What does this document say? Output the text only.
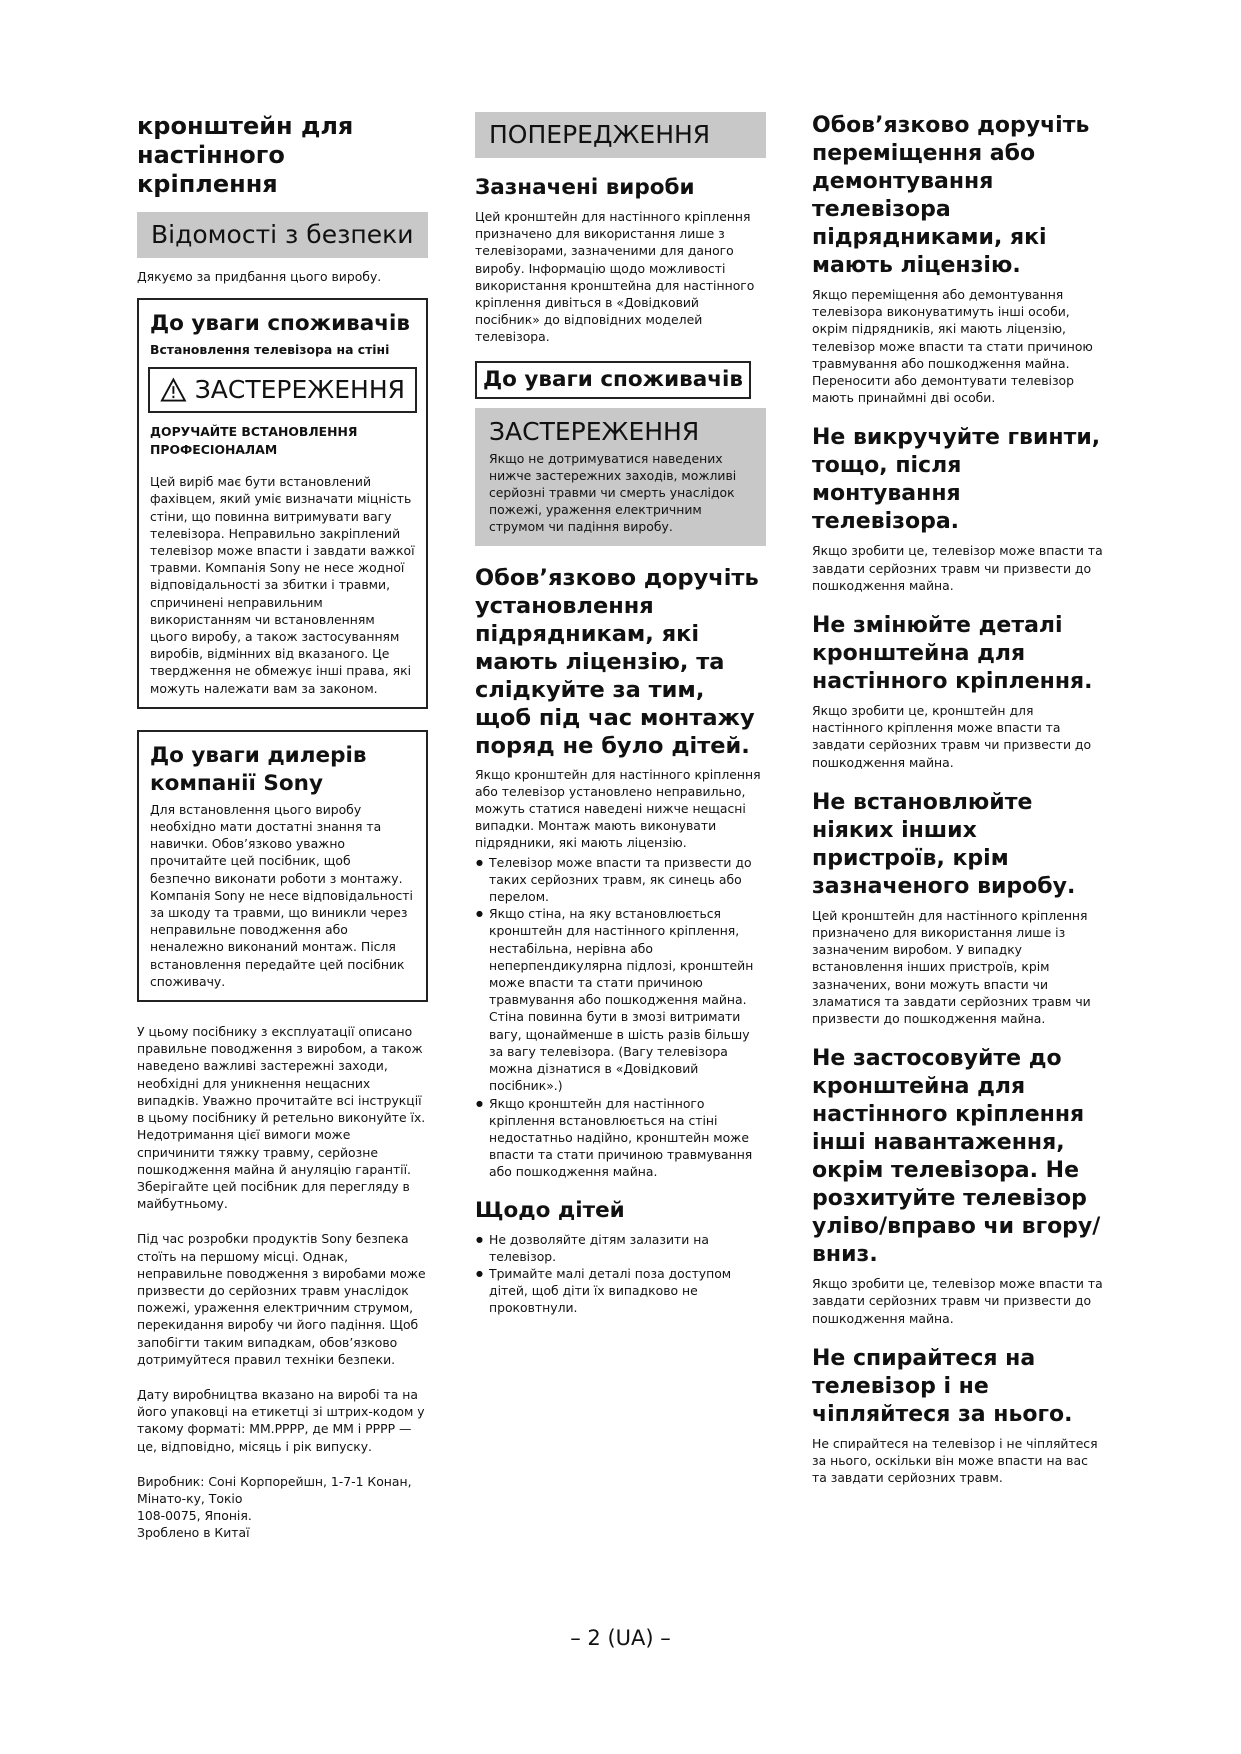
кронштейн для настінного кріплення
Відомості з безпеки

Дякуємо за придбання цього виробу.

До уваги споживачів
Встановлення телевізора на стіні
ЗАСТЕРЕЖЕННЯ
ДОРУЧАЙТЕ ВСТАНОВЛЕННЯ ПРОФЕСІОНАЛАМ

Цей виріб має бути встановлений фахівцем, який уміє визначати міцність стіни, що повинна витримувати вагу телевізора. Неправильно закріплений телевізор може впасти і завдати важкої травми. Компанія Sony не несе жодної відповідальності за збитки і травми, спричинені неправильним використанням чи встановленням цього виробу, а також застосуванням виробів, відмінних від вказаного. Це твердження не обмежує інші права, які можуть належати вам за законом.

До уваги дилерів компанії Sony

Для встановлення цього виробу необхідно мати достатні знання та навички. Обов’язково уважно прочитайте цей посібник, щоб безпечно виконати роботи з монтажу. Компанія Sony не несе відповідальності за шкоду та травми, що виникли через неправильне поводження або неналежно виконаний монтаж. Після встановлення передайте цей посібник споживачу.

У цьому посібнику з експлуатації описано правильне поводження з виробом, а також наведено важливі застережні заходи, необхідні для уникнення нещасних випадків. Уважно прочитайте всі інструкції в цьому посібнику й ретельно виконуйте їх. Недотримання цієї вимоги може спричинити тяжку травму, серйозне пошкодження майна й ануляцію гарантії. Зберігайте цей посібник для перегляду в майбутньому.

Під час розробки продуктів Sony безпека стоїть на першому місці. Однак, неправильне поводження з виробами може призвести до серйозних травм унаслідок пожежі, ураження електричним струмом, перекидання виробу чи його падіння. Щоб запобігти таким випадкам, обов’язково дотримуйтеся правил техніки безпеки.

Дату виробництва вказано на виробі та на його упаковці на етикетці зі штрих-кодом у такому форматі: ММ.РРРР, де ММ і РРРР — це, відповідно, місяць і рік випуску.

Виробник: Соні Корпорейшн, 1-7-1 Конан,
Мінато-ку, Токіо
108-0075, Японія.
Зроблено в Китаї

ПОПЕРЕДЖЕННЯ
Зазначені вироби

Цей кронштейн для настінного кріплення призначено для використання лише з телевізорами, зазначеними для даного виробу. Інформацію щодо можливості використання кронштейна для настінного кріплення дивіться в «Довідковий посібник» до відповідних моделей телевізора.

До уваги споживачів
ЗАСТЕРЕЖЕННЯ

Якщо не дотримуватися наведених нижче застережних заходів, можливі серйозні травми чи смерть унаслідок пожежі, ураження електричним струмом чи падіння виробу.

Обов’язково доручіть установлення підрядникам, які мають ліцензію, та слідкуйте за тим, щоб під час монтажу поряд не було дітей.

Якщо кронштейн для настінного кріплення або телевізор установлено неправильно, можуть статися наведені нижче нещасні випадки. Монтаж мають виконувати підрядники, які мають ліцензію.

● Телевізор може впасти та призвести до таких серйозних травм, як синець або перелом.
● Якщо стіна, на яку встановлюється кронштейн для настінного кріплення, нестабільна, нерівна або неперпендикулярна підлозі, кронштейн може впасти та стати причиною травмування або пошкодження майна. Стіна повинна бути в змозі витримати вагу, щонайменше в шість разів більшу за вагу телевізора. (Вагу телевізора можна дізнатися в «Довідковий посібник».)
● Якщо кронштейн для настінного кріплення встановлюється на стіні недостатньо надійно, кронштейн може впасти та стати причиною травмування або пошкодження майна.
Щодо дітей
● Не дозволяйте дітям залазити на телевізор.
● Тримайте малі деталі поза доступом дітей, щоб діти їх випадково не проковтнули.
Обов’язково доручіть переміщення або демонтування телевізора підрядниками, які мають ліцензію.

Якщо переміщення або демонтування телевізора виконуватимуть інші особи, окрім підрядників, які мають ліцензію, телевізор може впасти та стати причиною травмування або пошкодження майна. Переносити або демонтувати телевізор мають принаймні дві особи.

Не викручуйте гвинти, тощо, після монтування телевізора.

Якщо зробити це, телевізор може впасти та завдати серйозних травм чи призвести до пошкодження майна.

Не змінюйте деталі кронштейна для настінного кріплення.

Якщо зробити це, кронштейн для настінного кріплення може впасти та завдати серйозних травм чи призвести до пошкодження майна.

Не встановлюйте ніяких інших пристроїв, крім зазначеного виробу.

Цей кронштейн для настінного кріплення призначено для використання лише із зазначеним виробом. У випадку встановлення інших пристроїв, крім зазначених, вони можуть впасти чи зламатися та завдати серйозних травм чи призвести до пошкодження майна.

Не застосовуйте до кронштейна для настінного кріплення інші навантаження, окрім телевізора. Не розхитуйте телевізор уліво/вправо чи вгору/вниз.

Якщо зробити це, телевізор може впасти та завдати серйозних травм чи призвести до пошкодження майна.

Не спирайтеся на телевізор і не чіпляйтеся за нього.

Не спирайтеся на телевізор і не чіпляйтеся за нього, оскільки він може впасти на вас та завдати серйозних травм.

– 2 (UA) –
